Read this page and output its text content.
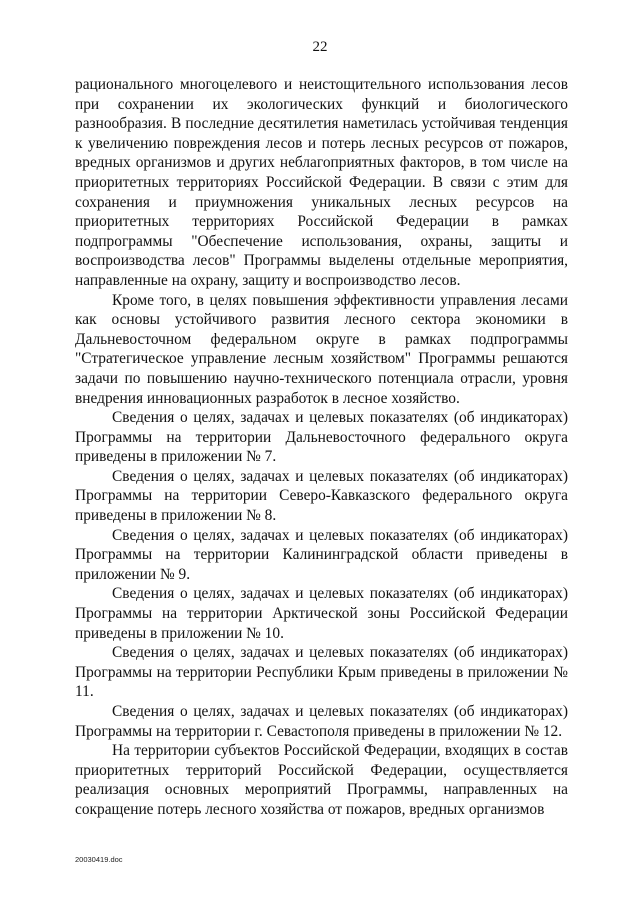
22

рационального многоцелевого и неистощительного использования лесов при сохранении их экологических функций и биологического разнообразия. В последние десятилетия наметилась устойчивая тенденция к увеличению повреждения лесов и потерь лесных ресурсов от пожаров, вредных организмов и других неблагоприятных факторов, в том числе на приоритетных территориях Российской Федерации. В связи с этим для сохранения и приумножения уникальных лесных ресурсов на приоритетных территориях Российской Федерации в рамках подпрограммы "Обеспечение использования, охраны, защиты и воспроизводства лесов" Программы выделены отдельные мероприятия, направленные на охрану, защиту и воспроизводство лесов.

Кроме того, в целях повышения эффективности управления лесами как основы устойчивого развития лесного сектора экономики в Дальневосточном федеральном округе в рамках подпрограммы "Стратегическое управление лесным хозяйством" Программы решаются задачи по повышению научно-технического потенциала отрасли, уровня внедрения инновационных разработок в лесное хозяйство.

Сведения о целях, задачах и целевых показателях (об индикаторах) Программы на территории Дальневосточного федерального округа приведены в приложении № 7.

Сведения о целях, задачах и целевых показателях (об индикаторах) Программы на территории Северо-Кавказского федерального округа приведены в приложении № 8.

Сведения о целях, задачах и целевых показателях (об индикаторах) Программы на территории Калининградской области приведены в приложении № 9.

Сведения о целях, задачах и целевых показателях (об индикаторах) Программы на территории Арктической зоны Российской Федерации приведены в приложении № 10.

Сведения о целях, задачах и целевых показателях (об индикаторах) Программы на территории Республики Крым приведены в приложении № 11.

Сведения о целях, задачах и целевых показателях (об индикаторах) Программы на территории г. Севастополя приведены в приложении № 12.

На территории субъектов Российской Федерации, входящих в состав приоритетных территорий Российской Федерации, осуществляется реализация основных мероприятий Программы, направленных на сокращение потерь лесного хозяйства от пожаров, вредных организмов

20030419.doc
